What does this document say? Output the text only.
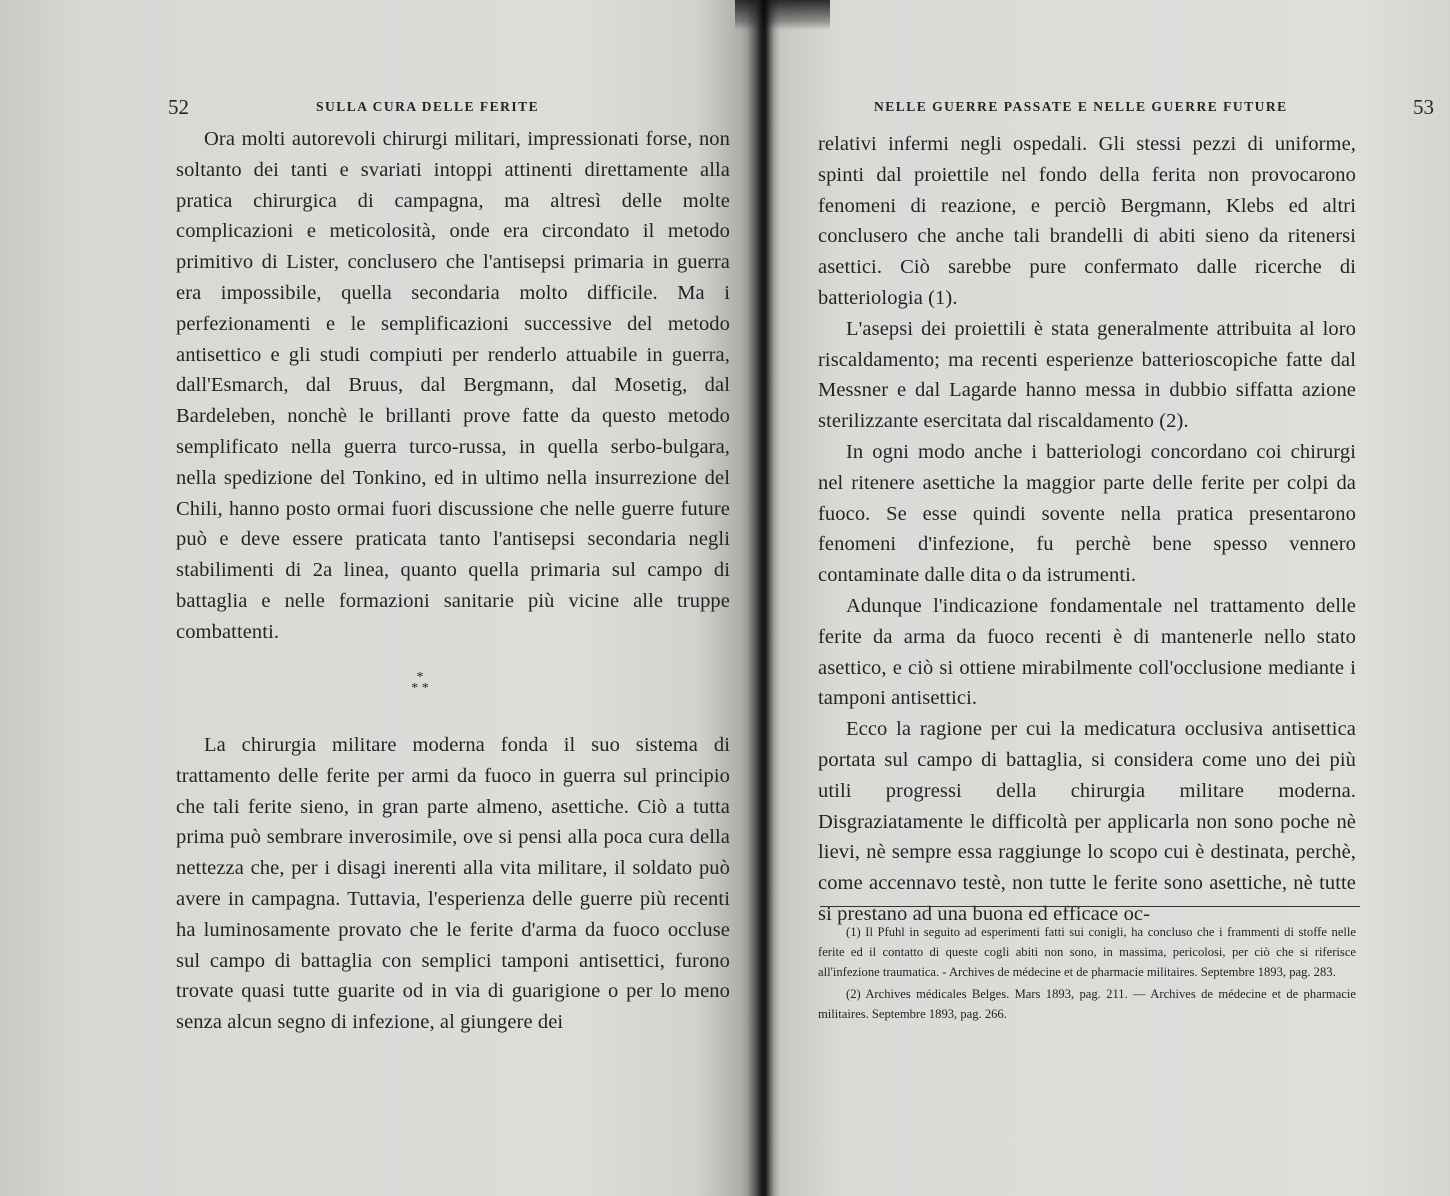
52	SULLA CURA DELLE FERITE

Ora molti autorevoli chirurgi militari, impressionati forse, non soltanto dei tanti e svariati intoppi attinenti direttamente alla pratica chirurgica di campagna, ma altresì delle molte complicazioni e meticolosità, onde era circondato il metodo primitivo di Lister, conclusero che l'antisepsi primaria in guerra era impossibile, quella secondaria molto difficile. Ma i perfezionamenti e le semplificazioni successive del metodo antisettico e gli studi compiuti per renderlo attuabile in guerra, dall'Esmarch, dal Bruus, dal Bergmann, dal Mosetig, dal Bardeleben, nonchè le brillanti prove fatte da questo metodo semplificato nella guerra turco-russa, in quella serbo-bulgara, nella spedizione del Tonkino, ed in ultimo nella insurrezione del Chili, hanno posto ormai fuori discussione che nelle guerre future può e deve essere praticata tanto l'antisepsi secondaria negli stabilimenti di 2a linea, quanto quella primaria sul campo di battaglia e nelle formazioni sanitarie più vicine alle truppe combattenti.

*
* *

La chirurgia militare moderna fonda il suo sistema di trattamento delle ferite per armi da fuoco in guerra sul principio che tali ferite sieno, in gran parte almeno, asettiche. Ciò a tutta prima può sembrare inverosimile, ove si pensi alla poca cura della nettezza che, per i disagi inerenti alla vita militare, il soldato può avere in campagna. Tuttavia, l'esperienza delle guerre più recenti ha luminosamente provato che le ferite d'arma da fuoco occluse sul campo di battaglia con semplici tamponi antisettici, furono trovate quasi tutte guarite od in via di guarigione o per lo meno senza alcun segno di infezione, al giungere dei

NELLE GUERRE PASSATE E NELLE GUERRE FUTURE	53

relativi infermi negli ospedali. Gli stessi pezzi di uniforme, spinti dal proiettile nel fondo della ferita non provocarono fenomeni di reazione, e perciò Bergmann, Klebs ed altri conclusero che anche tali brandelli di abiti sieno da ritenersi asettici. Ciò sarebbe pure confermato dalle ricerche di batteriologia (1).

L'asepsi dei proiettili è stata generalmente attribuita al loro riscaldamento; ma recenti esperienze batterioscopiche fatte dal Messner e dal Lagarde hanno messa in dubbio siffatta azione sterilizzante esercitata dal riscaldamento (2).

In ogni modo anche i batteriologi concordano coi chirurgi nel ritenere asettiche la maggior parte delle ferite per colpi da fuoco. Se esse quindi sovente nella pratica presentarono fenomeni d'infezione, fu perchè bene spesso vennero contaminate dalle dita o da istrumenti.

Adunque l'indicazione fondamentale nel trattamento delle ferite da arma da fuoco recenti è di mantenerle nello stato asettico, e ciò si ottiene mirabilmente coll'occlusione mediante i tamponi antisettici.

Ecco la ragione per cui la medicatura occlusiva antisettica portata sul campo di battaglia, si considera come uno dei più utili progressi della chirurgia militare moderna. Disgraziatamente le difficoltà per applicarla non sono poche nè lievi, nè sempre essa raggiunge lo scopo cui è destinata, perchè, come accennavo testè, non tutte le ferite sono asettiche, nè tutte si prestano ad una buona ed efficace oc-

(1) Il Pfuhl in seguito ad esperimenti fatti sui conigli, ha concluso che i frammenti di stoffe nelle ferite ed il contatto di queste cogli abiti non sono, in massima, pericolosi, per ciò che si riferisce all'infezione traumatica. - Archives de médecine et de pharmacie militaires. Septembre 1893, pag. 283.

(2) Archives médicales Belges. Mars 1893, pag. 211. — Archives de médecine et de pharmacie militaires. Septembre 1893, pag. 266.
